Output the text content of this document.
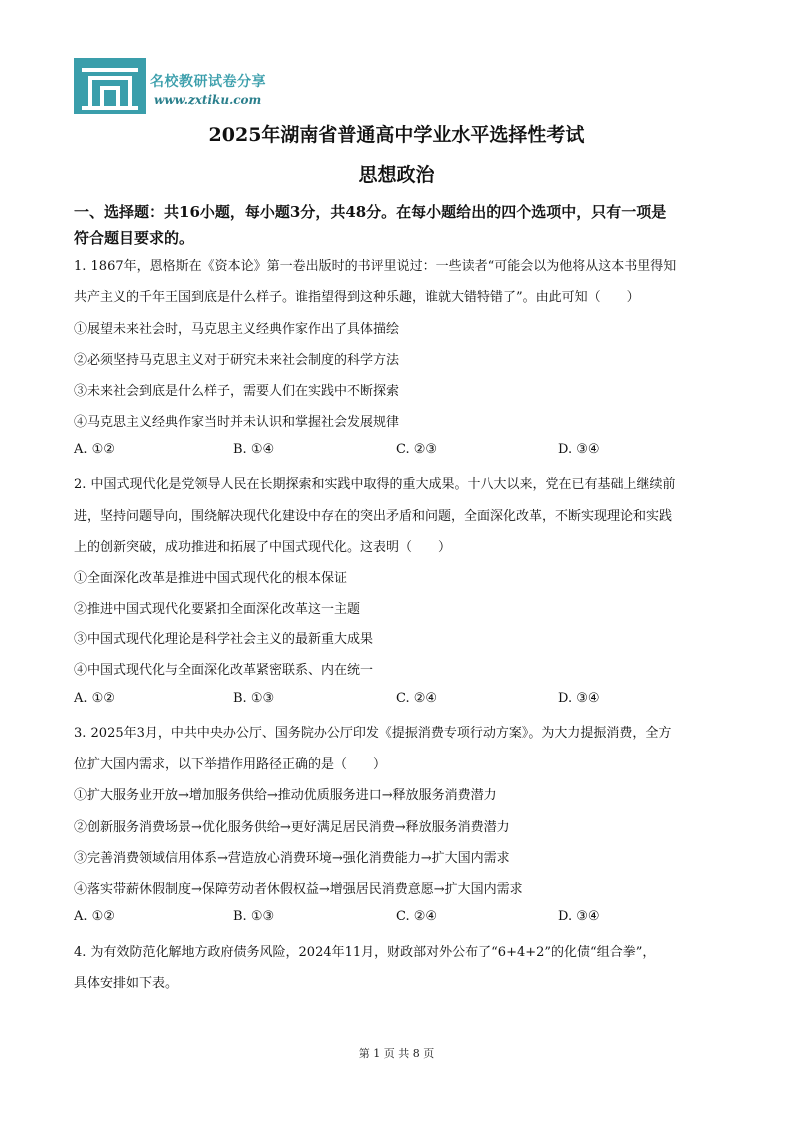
名校教研试卷分享
www.zxtiku.com
2025年湖南省普通高中学业水平选择性考试
思想政治
一、选择题：共16小题，每小题3分，共48分。在每小题给出的四个选项中，只有一项是
符合题目要求的。
1. 1867年，恩格斯在《资本论》第一卷出版时的书评里说过：一些读者“可能会以为他将从这本书里得知
共产主义的千年王国到底是什么样子。谁指望得到这种乐趣，谁就大错特错了”。由此可知（　　）
①展望未来社会时，马克思主义经典作家作出了具体描绘
②必须坚持马克思主义对于研究未来社会制度的科学方法
③未来社会到底是什么样子，需要人们在实践中不断探索
④马克思主义经典作家当时并未认识和掌握社会发展规律
A. ①②	B. ①④	C. ②③	D. ③④
2. 中国式现代化是党领导人民在长期探索和实践中取得的重大成果。十八大以来，党在已有基础上继续前
进，坚持问题导向，围绕解决现代化建设中存在的突出矛盾和问题，全面深化改革，不断实现理论和实践
上的创新突破，成功推进和拓展了中国式现代化。这表明（　　）
①全面深化改革是推进中国式现代化的根本保证
②推进中国式现代化要紧扣全面深化改革这一主题
③中国式现代化理论是科学社会主义的最新重大成果
④中国式现代化与全面深化改革紧密联系、内在统一
A. ①②	B. ①③	C. ②④	D. ③④
3. 2025年3月，中共中央办公厅、国务院办公厅印发《提振消费专项行动方案》。为大力提振消费，全方
位扩大国内需求，以下举措作用路径正确的是（　　）
①扩大服务业开放→增加服务供给→推动优质服务进口→释放服务消费潜力
②创新服务消费场景→优化服务供给→更好满足居民消费→释放服务消费潜力
③完善消费领域信用体系→营造放心消费环境→强化消费能力→扩大国内需求
④落实带薪休假制度→保障劳动者休假权益→增强居民消费意愿→扩大国内需求
A. ①②	B. ①③	C. ②④	D. ③④
4. 为有效防范化解地方政府债务风险，2024年11月，财政部对外公布了“6+4+2”的化债“组合拳”，
具体安排如下表。
第 1 页 共 8 页
